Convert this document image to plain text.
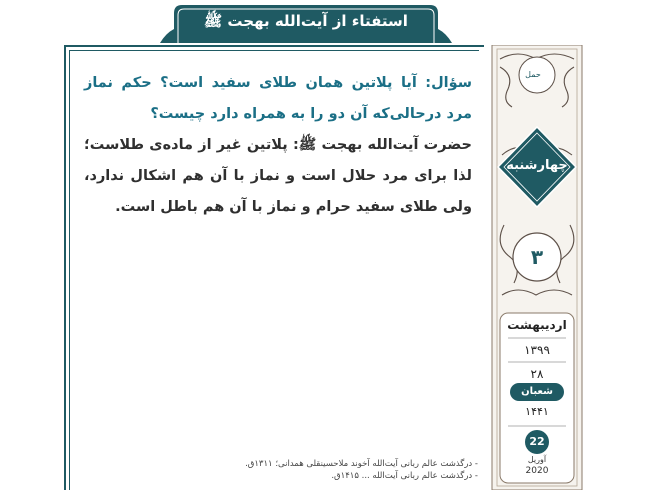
استفتاء از آیت‌الله بهجت ﷺ

سؤال: آیا پلاتین همان طلای سفید است؟ حکم نماز مرد درحالی‌که آن دو را به همراه دارد چیست؟

حضرت آیت‌الله بهجت ﷺ: پلاتین غیر از ماده‌ی طلاست؛ لذا برای مرد حلال است و نماز با آن هم اشکال ندارد، ولی طلای سفید حرام و نماز با آن هم باطل است.

- درگذشت عالم ربانی آیت‌الله آخوند ملاحسینقلی همدانی؛ ۱۳۱۱ق.
- درگذشت عالم ربانی آیت‌الله ... ۱۴۱۵ق.
حمل
چهارشنبه
۳
اردیبهشت
۱۳۹۹
۲۸
شعبان
۱۴۴۱
22
آوریل
2020
